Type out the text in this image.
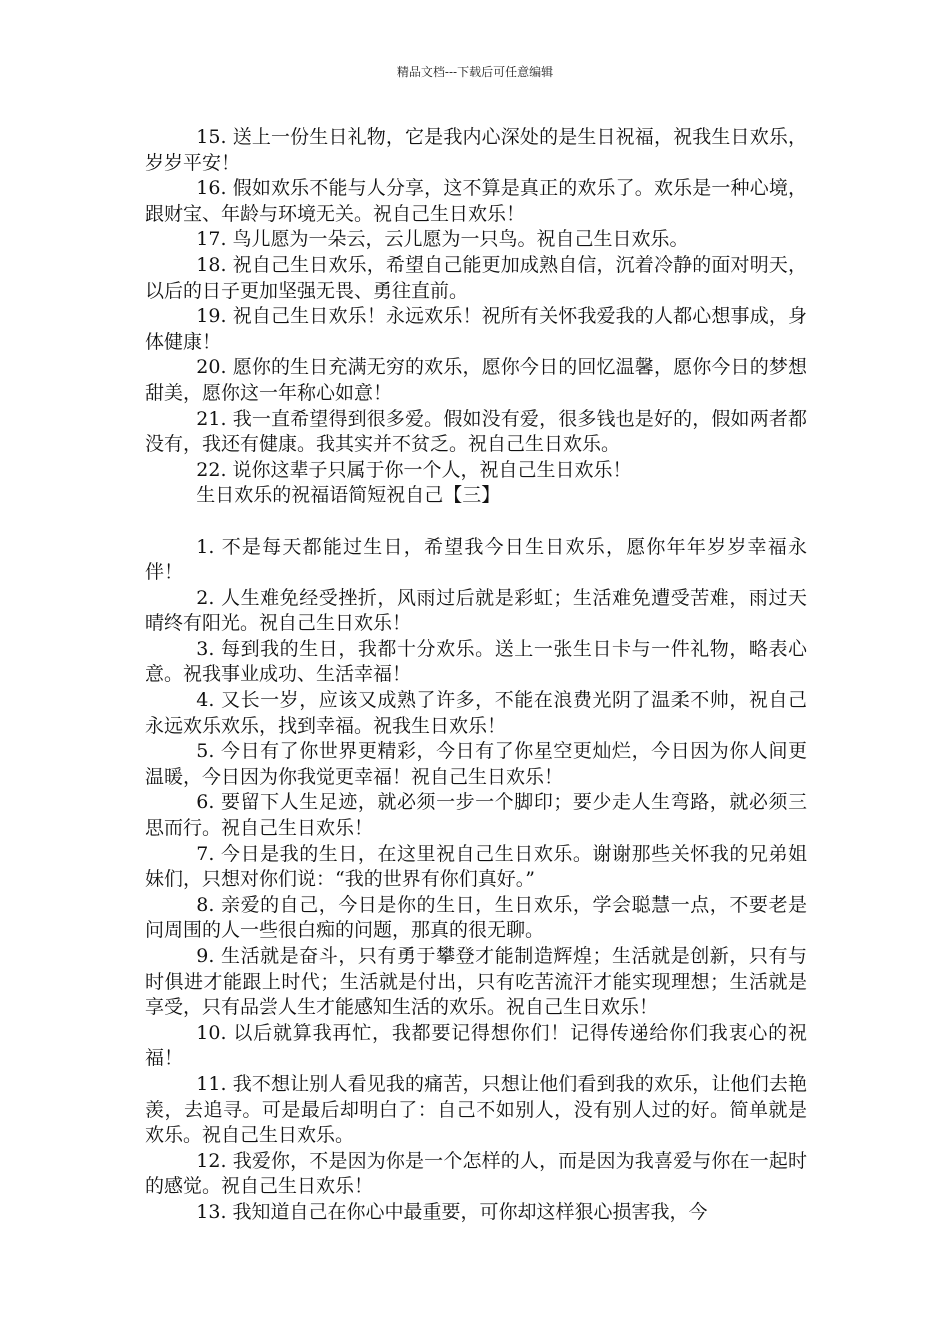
精品文档---下载后可任意编辑

15. 送上一份生日礼物，它是我内心深处的是生日祝福，祝我生日欢乐，岁岁平安！

16. 假如欢乐不能与人分享，这不算是真正的欢乐了。欢乐是一种心境，跟财宝、年龄与环境无关。祝自己生日欢乐！

17. 鸟儿愿为一朵云，云儿愿为一只鸟。祝自己生日欢乐。

18. 祝自己生日欢乐，希望自己能更加成熟自信，沉着冷静的面对明天，以后的日子更加坚强无畏、勇往直前。

19. 祝自己生日欢乐！永远欢乐！祝所有关怀我爱我的人都心想事成，身体健康！

20. 愿你的生日充满无穷的欢乐，愿你今日的回忆温馨，愿你今日的梦想甜美，愿你这一年称心如意！

21. 我一直希望得到很多爱。假如没有爱，很多钱也是好的，假如两者都没有，我还有健康。我其实并不贫乏。祝自己生日欢乐。

22. 说你这辈子只属于你一个人，祝自己生日欢乐！

生日欢乐的祝福语简短祝自己【三】

1. 不是每天都能过生日，希望我今日生日欢乐，愿你年年岁岁幸福永伴！

2. 人生难免经受挫折，风雨过后就是彩虹；生活难免遭受苦难，雨过天晴终有阳光。祝自己生日欢乐！

3. 每到我的生日，我都十分欢乐。送上一张生日卡与一件礼物，略表心意。祝我事业成功、生活幸福！

4. 又长一岁，应该又成熟了许多，不能在浪费光阴了温柔不帅，祝自己永远欢乐欢乐，找到幸福。祝我生日欢乐！

5. 今日有了你世界更精彩，今日有了你星空更灿烂，今日因为你人间更温暖，今日因为你我觉更幸福！祝自己生日欢乐！

6. 要留下人生足迹，就必须一步一个脚印；要少走人生弯路，就必须三思而行。祝自己生日欢乐！

7. 今日是我的生日，在这里祝自己生日欢乐。谢谢那些关怀我的兄弟姐妹们，只想对你们说：“我的世界有你们真好。”

8. 亲爱的自己，今日是你的生日，生日欢乐，学会聪慧一点，不要老是问周围的人一些很白痴的问题，那真的很无聊。

9. 生活就是奋斗，只有勇于攀登才能制造辉煌；生活就是创新，只有与时俱进才能跟上时代；生活就是付出，只有吃苦流汗才能实现理想；生活就是享受，只有品尝人生才能感知生活的欢乐。祝自己生日欢乐！

10. 以后就算我再忙，我都要记得想你们！记得传递给你们我衷心的祝福！

11. 我不想让别人看见我的痛苦，只想让他们看到我的欢乐，让他们去艳羡，去追寻。可是最后却明白了：自己不如别人，没有别人过的好。简单就是欢乐。祝自己生日欢乐。

12. 我爱你，不是因为你是一个怎样的人，而是因为我喜爱与你在一起时的感觉。祝自己生日欢乐！

13. 我知道自己在你心中最重要，可你却这样狠心损害我，今
